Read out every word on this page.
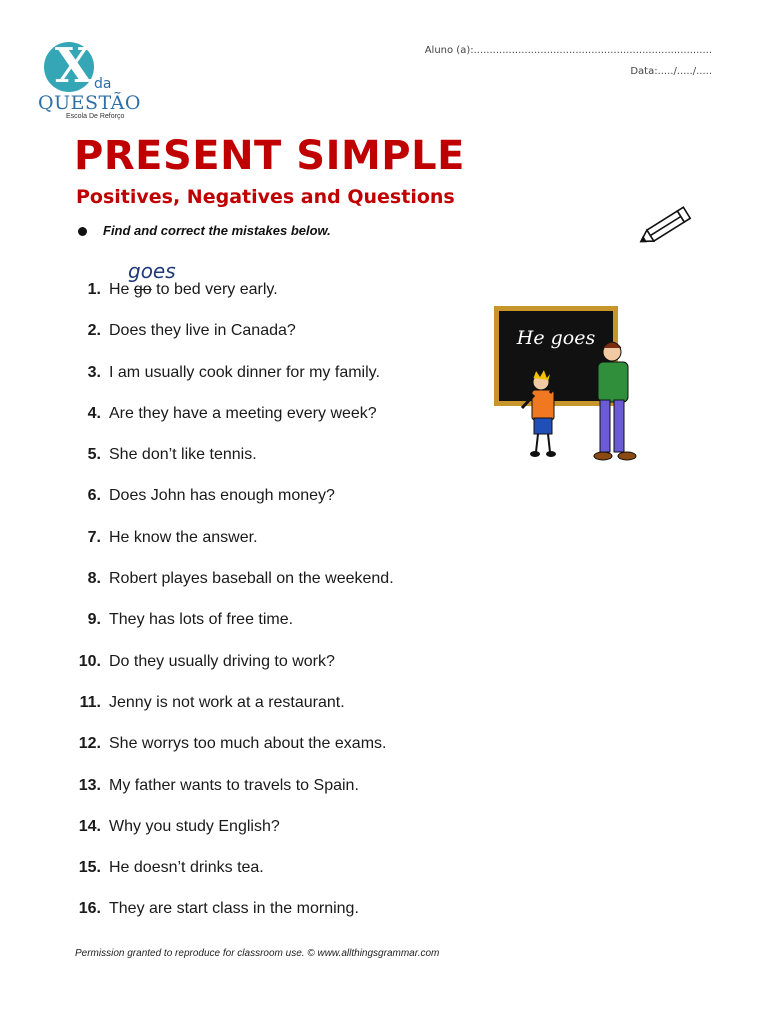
X da
QUESTÃO
Escola De Reforço
Aluno (a):...........................................................................
Data:...../...../.....
PRESENT SIMPLE
Positives, Negatives and Questions
Find and correct the mistakes below.
goes
1. He go to bed very early.
2. Does they live in Canada?
3. I am usually cook dinner for my family.
4. Are they have a meeting every week?
5. She don’t like tennis.
6. Does John has enough money?
7. He know the answer.
8. Robert playes baseball on the weekend.
9. They has lots of free time.
10. Do they usually driving to work?
11. Jenny is not work at a restaurant.
12. She worrys too much about the exams.
13. My father wants to travels to Spain.
14. Why you study English?
15. He doesn’t drinks tea.
16. They are start class in the morning.
He goes
Permission granted to reproduce for classroom use. © www.allthingsgrammar.com
